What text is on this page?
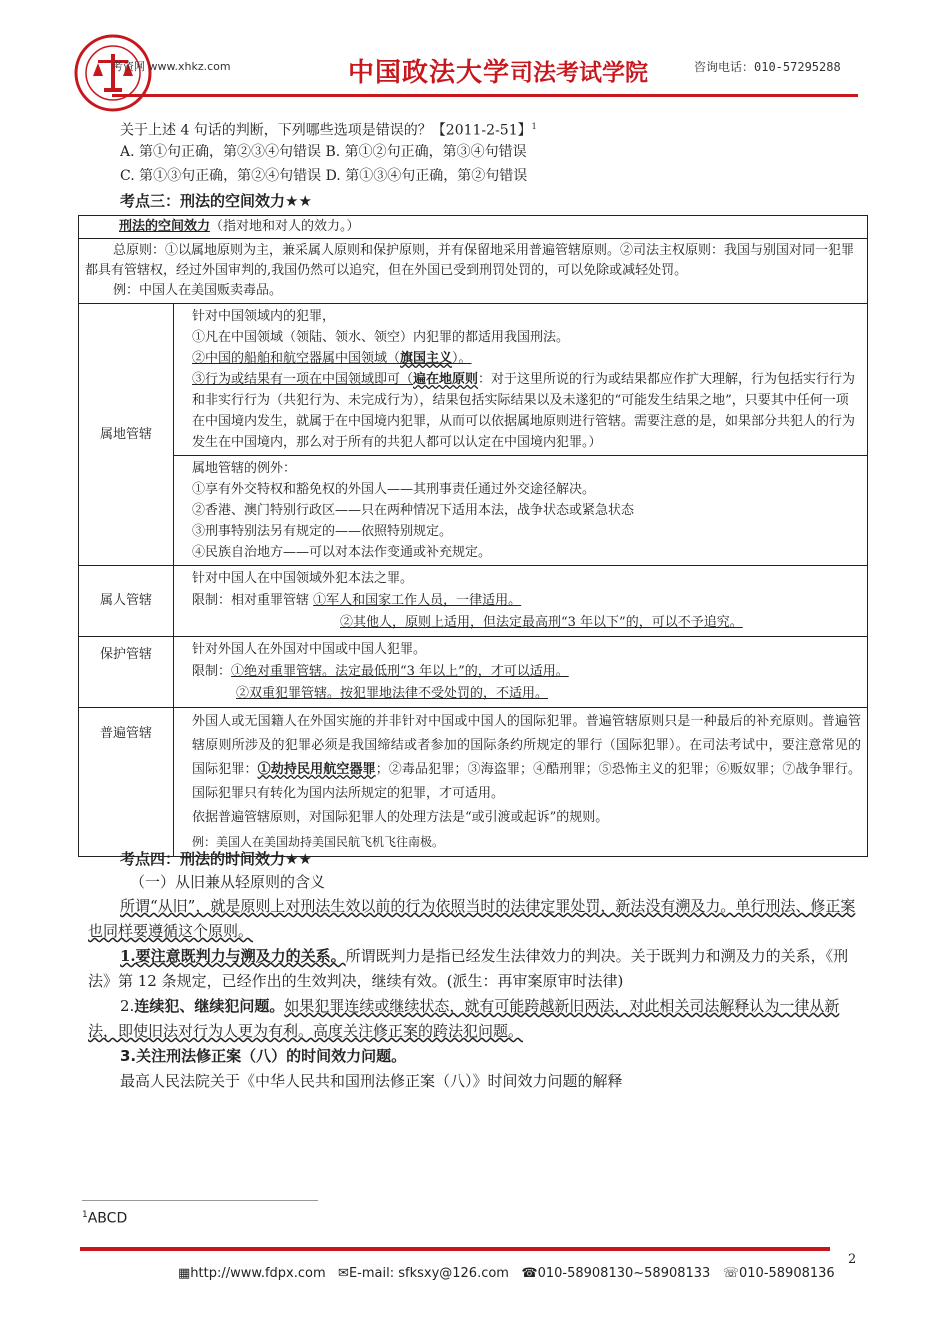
考资网 www.xhkz.com	中国政法大学 司法考试学院	咨询电话：010-57295288
关于上述 4 句话的判断，下列哪些选项是错误的？【2011-2-51】$^1$
A. 第①句正确，第②③④句错误 B. 第①②句正确，第③④句错误
C. 第①③句正确，第②④句错误 D. 第①③④句正确，第②句错误
考点三：刑法的空间效力★★
刑法的空间效力（指对地和对人的效力。）	

总原则：①以属地原则为主，兼采属人原则和保护原则，并有保留地采用普遍管辖原则。②司法主权原则：我国与别国对同一犯罪都具有管辖权，经过外国审判的,我国仍然可以追究，但在外国已受到刑罚处罚的，可以免除或减轻处罚。
例：中国人在美国贩卖毒品。	

属地管辖	针对中国领域内的犯罪，
①凡在中国领域（领陆、领水、领空）内犯罪的都适用我国刑法。
②中国的船舶和航空器属中国领域（旗国主义）。
③行为或结果有一项在中国领域即可（遍在地原则：对于这里所说的行为或结果都应作扩大理解，行为包括实行行为和非实行行为（共犯行为、未完成行为），结果包括实际结果以及未遂犯的“可能发生结果之地”，只要其中任何一项在中国境内发生，就属于在中国境内犯罪，从而可以依据属地原则进行管辖。需要注意的是，如果部分共犯人的行为发生在中国境内，那么对于所有的共犯人都可以认定在中国境内犯罪。）

	属地管辖的例外：
①享有外交特权和豁免权的外国人——其刑事责任通过外交途径解决。
②香港、澳门特别行政区——只在两种情况下适用本法，战争状态或紧急状态
③刑事特别法另有规定的——依照特别规定。
④民族自治地方——可以对本法作变通或补充规定。

属人管辖	针对中国人在中国领域外犯本法之罪。
限制：相对重罪管辖 ①军人和国家工作人员，一律适用。
②其他人，原则上适用，但法定最高刑“3 年以下”的，可以不予追究。

保护管辖	针对外国人在外国对中国或中国人犯罪。
限制：①绝对重罪管辖。法定最低刑“3 年以上”的，才可以适用。
②双重犯罪管辖。按犯罪地法律不受处罚的，不适用。

普遍管辖	外国人或无国籍人在外国实施的并非针对中国或中国人的国际犯罪。普遍管辖原则只是一种最后的补充原则。普遍管辖原则所涉及的犯罪必须是我国缔结或者参加的国际条约所规定的罪行（国际犯罪）。在司法考试中，要注意常见的国际犯罪：①劫持民用航空器罪；②毒品犯罪；③海盗罪；④酷刑罪；⑤恐怖主义的犯罪；⑥贩奴罪；⑦战争罪行。国际犯罪只有转化为国内法所规定的犯罪，才可适用。
依据普遍管辖原则，对国际犯罪人的处理方法是“或引渡或起诉”的规则。
例：美国人在美国劫持美国民航飞机飞往南极。
考点四：刑法的时间效力★★
（一）从旧兼从轻原则的含义
所谓“从旧”，就是原则上对刑法生效以前的行为依照当时的法律定罪处罚，新法没有溯及力。单行刑法、修正案也同样要遵循这个原则。
1.要注意既判力与溯及力的关系。所谓既判力是指已经发生法律效力的判决。关于既判力和溯及力的关系，《刑法》第 12 条规定，已经作出的生效判决，继续有效。(派生：再审案原审时法律)
2.连续犯、继续犯问题。如果犯罪连续或继续状态，就有可能跨越新旧两法，对此相关司法解释认为一律从新法，即使旧法对行为人更为有利。高度关注修正案的跨法犯问题。
3.关注刑法修正案（八）的时间效力问题。
最高人民法院关于《中华人民共和国刑法修正案（八）》时间效力问题的解释
$^1$ABCD
2
▦http://www.fdpx.com ✉E-mail: sfksxy@126.com ☎010-58908130~58908133 ☏010-58908136
